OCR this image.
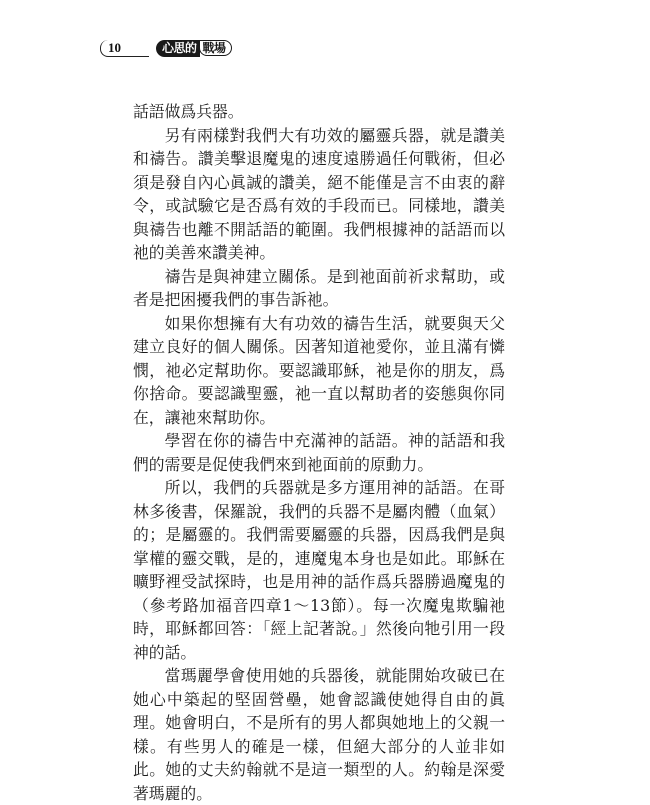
10	心思的 戰場

話語做爲兵器。

另有兩樣對我們大有功效的屬靈兵器，就是讚美和禱告。讚美擊退魔鬼的速度遠勝過任何戰術，但必須是發自內心眞誠的讚美，絕不能僅是言不由衷的辭令，或試驗它是否爲有效的手段而已。同樣地，讚美與禱告也離不開話語的範圍。我們根據神的話語而以祂的美善來讚美神。

禱告是與神建立關係。是到祂面前祈求幫助，或者是把困擾我們的事告訴祂。

如果你想擁有大有功效的禱告生活，就要與天父建立良好的個人關係。因著知道祂愛你，並且滿有憐憫，祂必定幫助你。要認識耶穌，祂是你的朋友，爲你捨命。要認識聖靈，祂一直以幫助者的姿態與你同在，讓祂來幫助你。

學習在你的禱告中充滿神的話語。神的話語和我們的需要是促使我們來到祂面前的原動力。

所以，我們的兵器就是多方運用神的話語。在哥林多後書，保羅說，我們的兵器不是屬肉體（血氣）的；是屬靈的。我們需要屬靈的兵器，因爲我們是與掌權的靈交戰，是的，連魔鬼本身也是如此。耶穌在曠野裡受試探時，也是用神的話作爲兵器勝過魔鬼的（參考路加福音四章1～13節）。每一次魔鬼欺騙祂時，耶穌都回答：「經上記著說。」然後向牠引用一段神的話。

當瑪麗學會使用她的兵器後，就能開始攻破已在她心中築起的堅固營壘，她會認識使她得自由的眞理。她會明白，不是所有的男人都與她地上的父親一樣。有些男人的確是一樣，但絕大部分的人並非如此。她的丈夫約翰就不是這一類型的人。約翰是深愛著瑪麗的。
